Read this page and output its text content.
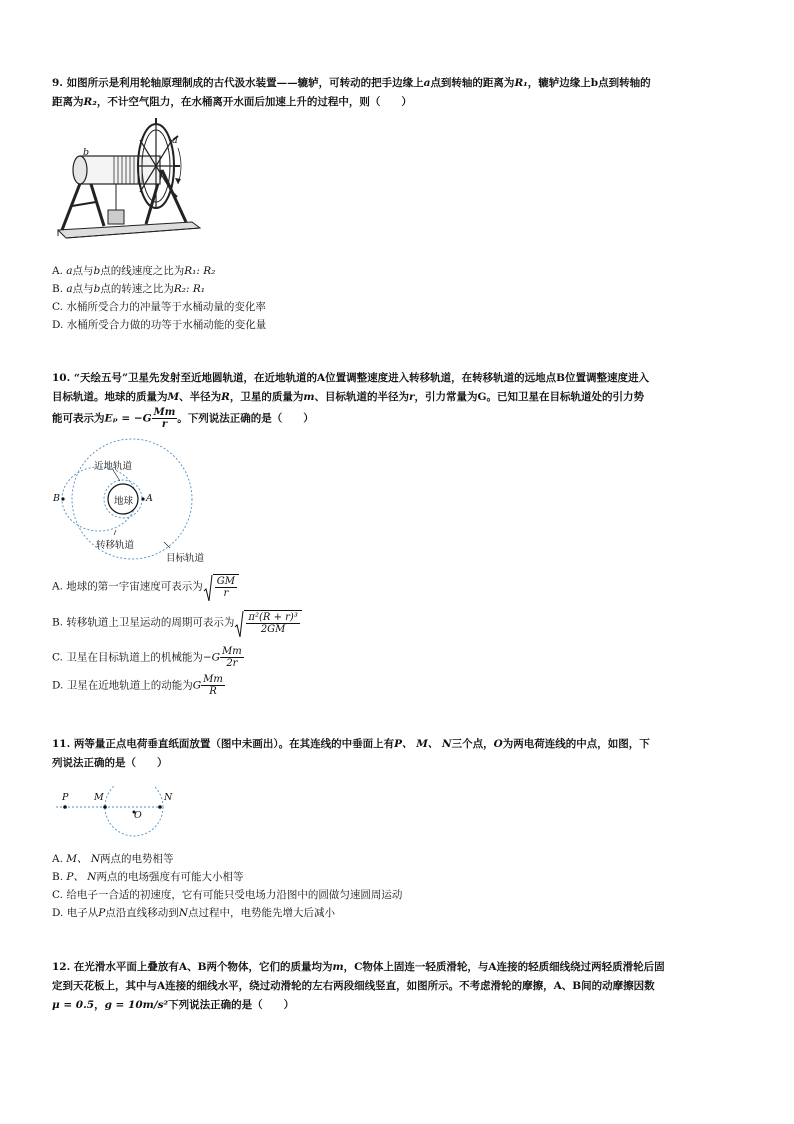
9. 如图所示是利用轮轴原理制成的古代汲水装置——辘轳，可转动的把手边缘上a点到转轴的距离为R₁，辘轳边缘上b点到转轴的
距离为R₂，不计空气阻力，在水桶离开水面后加速上升的过程中，则（　　）
a
b
A. a点与b点的线速度之比为R₁: R₂
B. a点与b点的转速之比为R₂: R₁
C. 水桶所受合力的冲量等于水桶动量的变化率
D. 水桶所受合力做的功等于水桶动能的变化量
10. “天绘五号”卫星先发射至近地圆轨道，在近地轨道的A位置调整速度进入转移轨道，在转移轨道的远地点B位置调整速度进入
目标轨道。地球的质量为M、半径为R，卫星的质量为m、目标轨道的半径为r，引力常量为G。已知卫星在目标轨道处的引力势
能可表示为$E_p = -G \frac{Mm}{r}$ 。下列说法正确的是（　　）
近地轨道
地球 A
B
转移轨道
目标轨道
A. 地球的第一宇宙速度可表示为 $\frac{GM}{r}$
B. 转移轨道上卫星运动的周期可表示为 $\frac{\text{π²(R + r)³}}{2GM}$
C. 卫星在目标轨道上的机械能为$-G \frac{Mm}{2r}$
D. 卫星在近地轨道上的动能为G $\frac{Mm}{R}$
11. 两等量正点电荷垂直纸面放置（图中未画出）。在其连线的中垂面上有P、 M、 N三个点，O为两电荷连线的中点，如图，下
列说法正确的是（　　）
P	M	N
O
A. M、 N两点的电势相等
B. P、 N两点的电场强度有可能大小相等
C. 给电子一合适的初速度，它有可能只受电场力沿图中的圆做匀速圆周运动
D. 电子从P点沿直线移动到N点过程中，电势能先增大后减小
12. 在光滑水平面上叠放有A、B两个物体，它们的质量均为m，C物体上固连一轻质滑轮，与A连接的轻质细线绕过两轻质滑轮后固
定到天花板上，其中与A连接的细线水平，绕过动滑轮的左右两段细线竖直，如图所示。不考虑滑轮的摩擦，A、B间的动摩擦因数
μ = 0.5，g = 10m/s²下列说法正确的是（　　）
